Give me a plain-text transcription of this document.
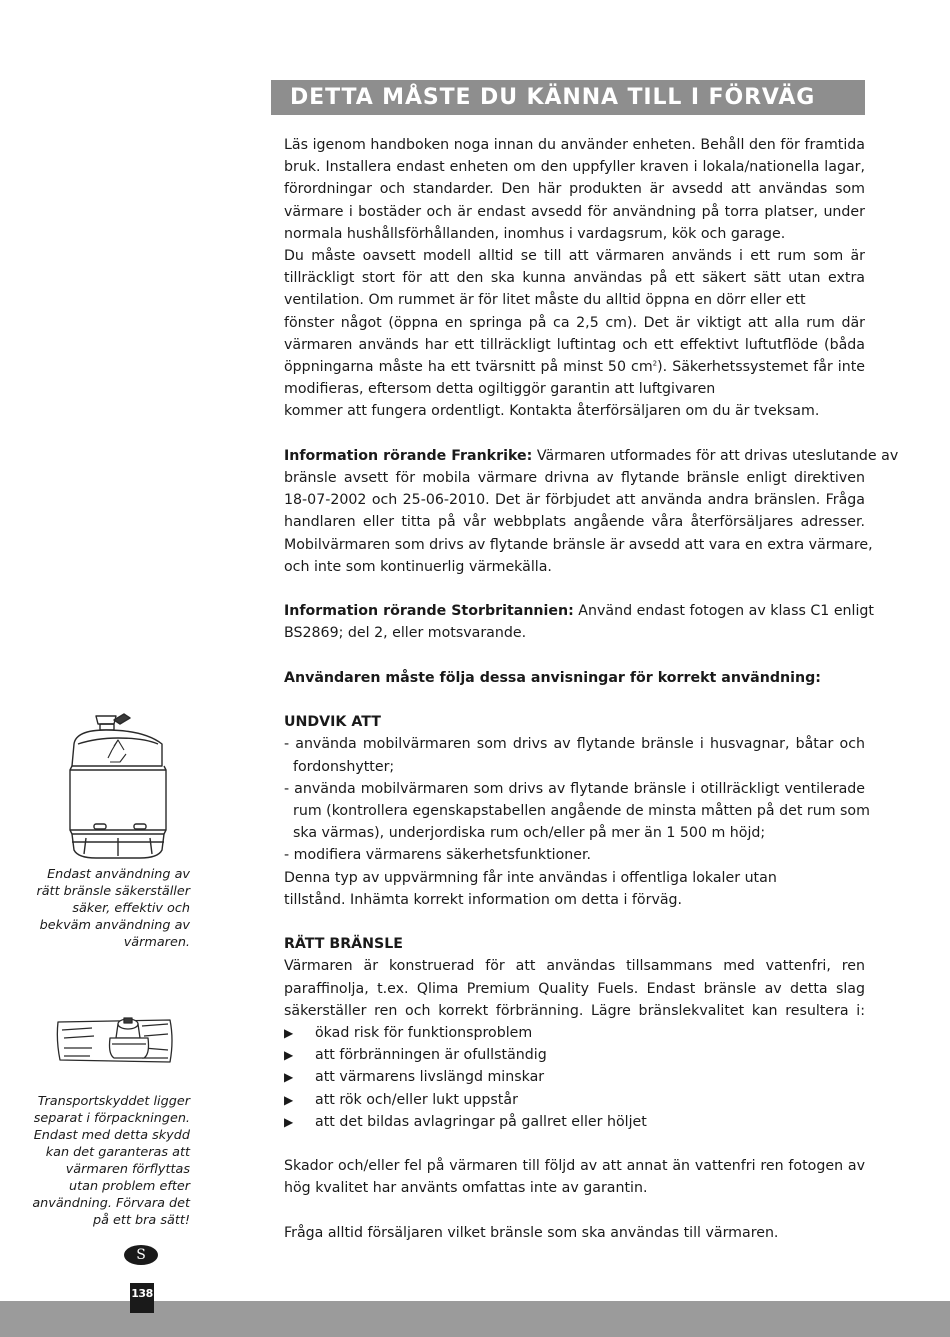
DETTA MÅSTE DU KÄNNA TILL I FÖRVÄG

Läs igenom handboken noga innan du använder enheten. Behåll den för framtida

bruk. Installera endast enheten om den uppfyller kraven i lokala/nationella lagar,

förordningar och standarder. Den här produkten är avsedd att användas som

värmare i bostäder och är endast avsedd för användning på torra platser, under

normala hushållsförhållanden, inomhus i vardagsrum, kök och garage.

Du måste oavsett modell alltid se till att värmaren används i ett rum som är

tillräckligt stort för att den ska kunna användas på ett säkert sätt utan extra

ventilation. Om rummet är för litet måste du alltid öppna en dörr eller ett

fönster något (öppna en springa på ca 2,5 cm). Det är viktigt att alla rum där

värmaren används har ett tillräckligt luftintag och ett effektivt luftutflöde (båda

öppningarna måste ha ett tvärsnitt på minst 50 $cm^2$). Säkerhetssystemet får inte

modifieras, eftersom detta ogiltiggör garantin att luftgivaren

kommer att fungera ordentligt. Kontakta återförsäljaren om du är tveksam.

Information rörande Frankrike: Värmaren utformades för att drivas uteslutande av

bränsle avsett för mobila värmare drivna av flytande bränsle enligt direktiven

18-07-2002 och 25-06-2010. Det är förbjudet att använda andra bränslen. Fråga

handlaren eller titta på vår webbplats angående våra återförsäljares adresser.

Mobilvärmaren som drivs av flytande bränsle är avsedd att vara en extra värmare,

och inte som kontinuerlig värmekälla.

Information rörande Storbritannien: Använd endast fotogen av klass C1 enligt

BS2869; del 2, eller motsvarande.

Användaren måste följa dessa anvisningar för korrekt användning:

UNDVIK ATT

- använda mobilvärmaren som drivs av flytande bränsle i husvagnar, båtar och

fordonshytter;

- använda mobilvärmaren som drivs av flytande bränsle i otillräckligt ventilerade

rum (kontrollera egenskapstabellen angående de minsta måtten på det rum som

ska värmas), underjordiska rum och/eller på mer än 1 500 m höjd;

- modifiera värmarens säkerhetsfunktioner.

Denna typ av uppvärmning får inte användas i offentliga lokaler utan

tillstånd. Inhämta korrekt information om detta i förväg.

RÄTT BRÄNSLE

Värmaren är konstruerad för att användas tillsammans med vattenfri, ren

paraffinolja, t.ex. Qlima Premium Quality Fuels. Endast bränsle av detta slag

säkerställer ren och korrekt förbränning. Lägre bränslekvalitet kan resultera i:

▶	ökad risk för funktionsproblem
▶	att förbränningen är ofullständig
▶	att värmarens livslängd minskar
▶	att rök och/eller lukt uppstår
▶	att det bildas avlagringar på gallret eller höljet

Skador och/eller fel på värmaren till följd av att annat än vattenfri ren fotogen av

hög kvalitet har använts omfattas inte av garantin.

Fråga alltid försäljaren vilket bränsle som ska användas till värmaren.

Endast användning av
rätt bränsle säkerställer
säker, effektiv och
bekväm användning av
värmaren.
Transportskyddet ligger
separat i förpackningen.
Endast med detta skydd
kan det garanteras att
värmaren förflyttas
utan problem efter
användning. Förvara det
på ett bra sätt!
S
138
